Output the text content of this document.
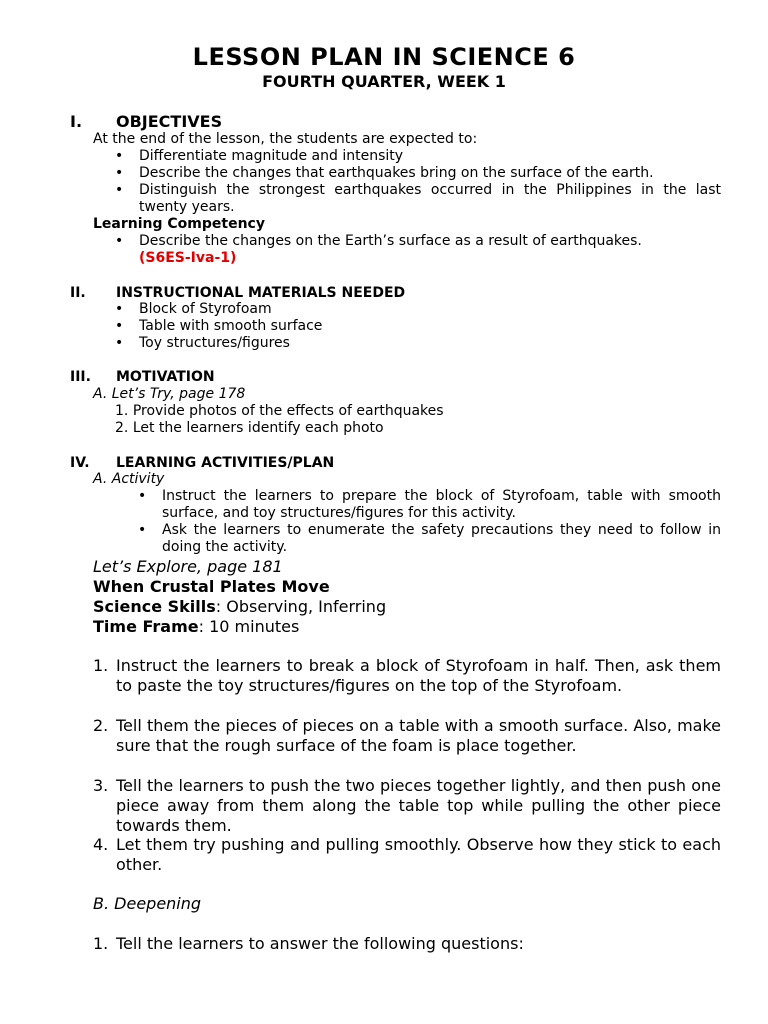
LESSON PLAN IN SCIENCE 6
FOURTH QUARTER, WEEK 1
I. OBJECTIVES
At the end of the lesson, the students are expected to:
• Differentiate magnitude and intensity
• Describe the changes that earthquakes bring on the surface of the earth.
• Distinguish the strongest earthquakes occurred in the Philippines in the last twenty years.
Learning Competency
• Describe the changes on the Earth’s surface as a result of earthquakes.
(S6ES-Iva-1)
II. INSTRUCTIONAL MATERIALS NEEDED
• Block of Styrofoam
• Table with smooth surface
• Toy structures/figures
III. MOTIVATION
A. Let’s Try, page 178
1. Provide photos of the effects of earthquakes
2. Let the learners identify each photo
IV. LEARNING ACTIVITIES/PLAN
A. Activity
• Instruct the learners to prepare the block of Styrofoam, table with smooth surface, and toy structures/figures for this activity.
• Ask the learners to enumerate the safety precautions they need to follow in doing the activity.
Let’s Explore, page 181
When Crustal Plates Move
Science Skills: Observing, Inferring
Time Frame: 10 minutes
1. Instruct the learners to break a block of Styrofoam in half. Then, ask them to paste the toy structures/figures on the top of the Styrofoam.
2. Tell them the pieces of pieces on a table with a smooth surface. Also, make sure that the rough surface of the foam is place together.
3. Tell the learners to push the two pieces together lightly, and then push one piece away from them along the table top while pulling the other piece towards them.
4. Let them try pushing and pulling smoothly. Observe how they stick to each other.
B. Deepening
1. Tell the learners to answer the following questions:
